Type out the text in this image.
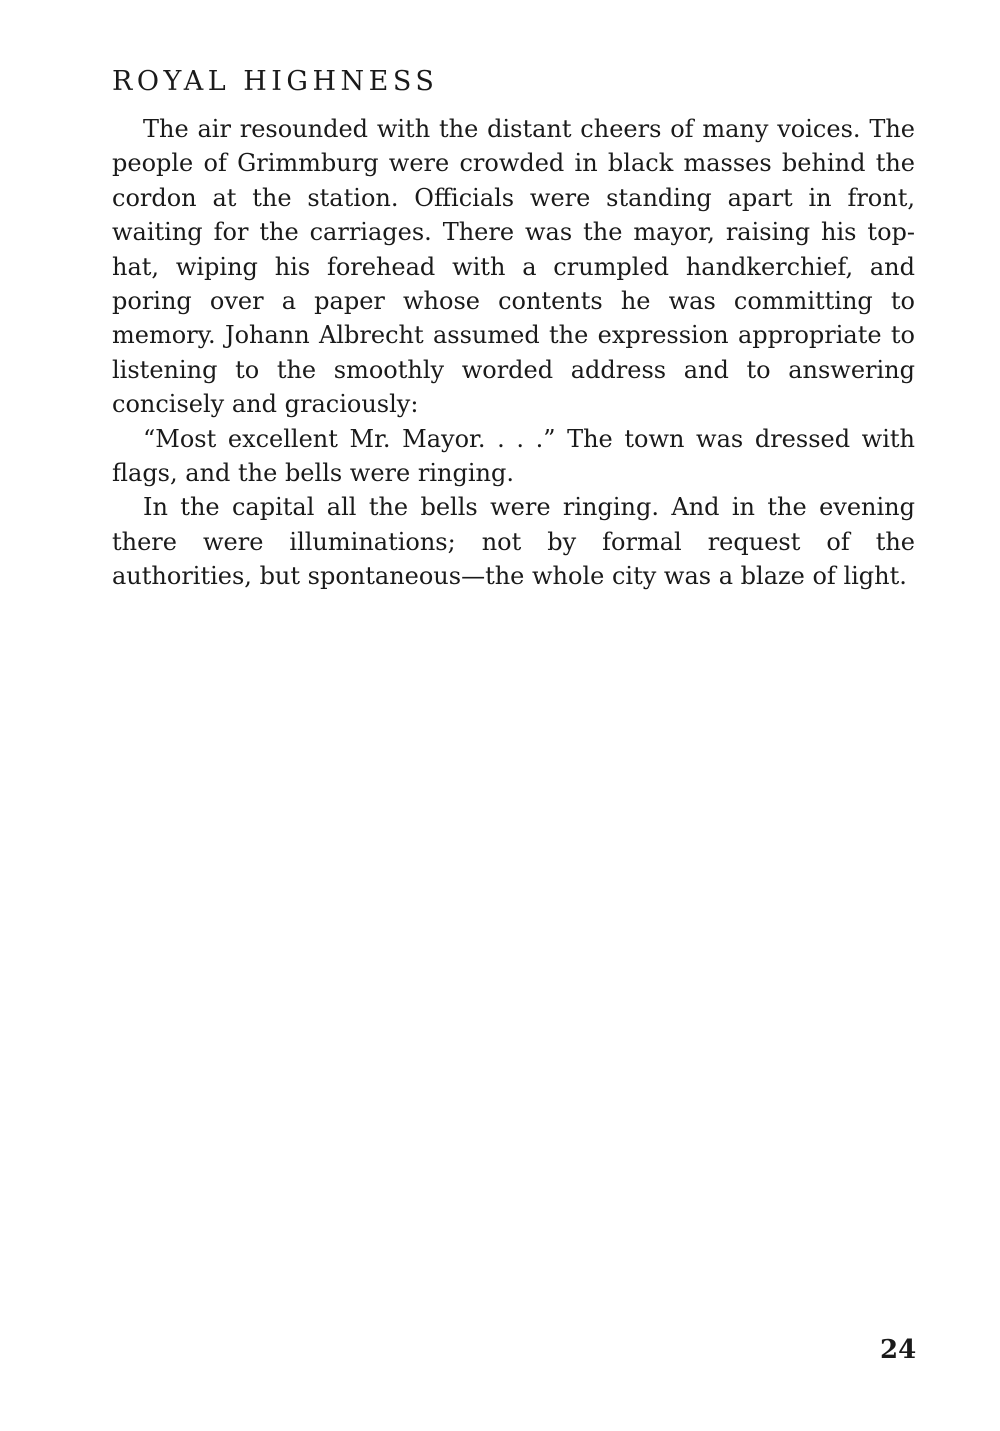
ROYAL HIGHNESS

The air resounded with the distant cheers of many voices. The people of Grimmburg were crowded in black masses behind the cordon at the station. Officials were standing apart in front, waiting for the carriages. There was the mayor, raising his top-hat, wiping his forehead with a crumpled handkerchief, and poring over a paper whose contents he was committing to memory. Johann Albrecht assumed the expression appropriate to listening to the smoothly worded address and to answering concisely and graciously:

“Most excellent Mr. Mayor. . . .” The town was dressed with flags, and the bells were ringing.

In the capital all the bells were ringing. And in the evening there were illuminations; not by formal request of the authorities, but spontaneous—the whole city was a blaze of light.

24
